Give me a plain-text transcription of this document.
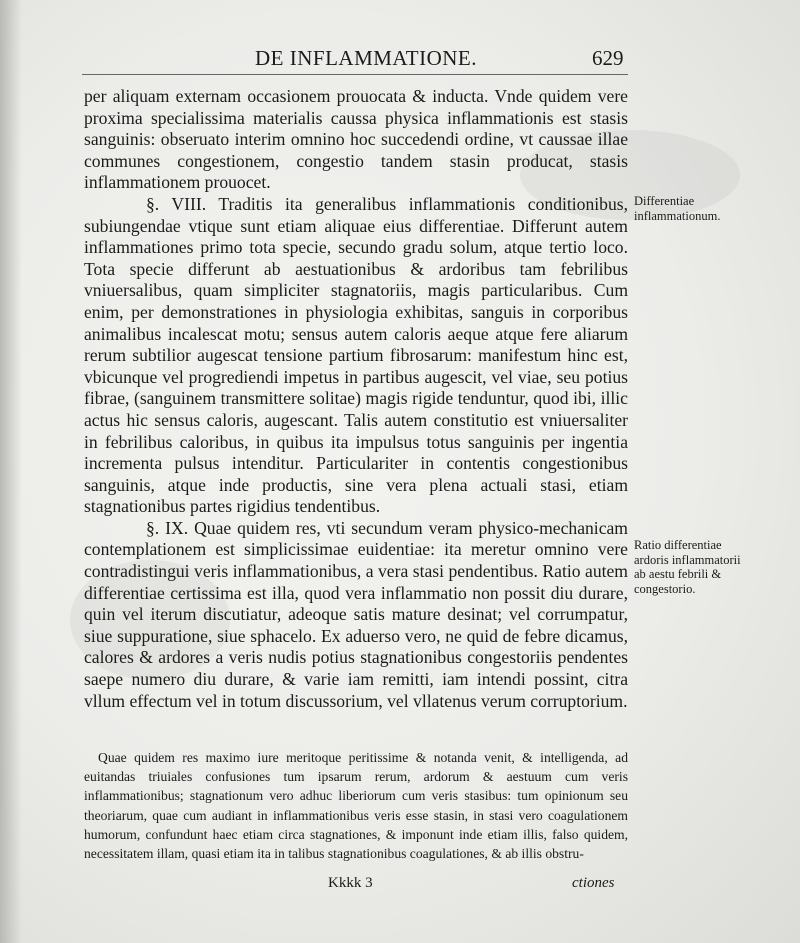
DE INFLAMMATIONE.	629

per aliquam externam occasionem prouocata & inducta. Vnde quidem vere proxima specialissima materialis caussa physica inflammationis est stasis sanguinis: obseruato interim omnino hoc succedendi ordine, vt caussae illae communes congestionem, congestio tandem stasin producat, stasis inflammationem prouocet.

§. VIII. Traditis ita generalibus inflammationis conditionibus, subiungendae vtique sunt etiam aliquae eius differentiae. Differunt autem inflammationes primo tota specie, secundo gradu solum, atque tertio loco. Tota specie differunt ab aestuationibus & ardoribus tam febrilibus vniuersalibus, quam simpliciter stagnatoriis, magis particularibus. Cum enim, per demonstrationes in physiologia exhibitas, sanguis in corporibus animalibus incalescat motu; sensus autem caloris aeque atque fere aliarum rerum subtilior augescat tensione partium fibrosarum: manifestum hinc est, vbicunque vel progrediendi impetus in partibus augescit, vel viae, seu potius fibrae, (sanguinem transmittere solitae) magis rigide tenduntur, quod ibi, illic actus hic sensus caloris, augescant. Talis autem constitutio est vniuersaliter in febrilibus caloribus, in quibus ita impulsus totus sanguinis per ingentia incrementa pulsus intenditur. Particulariter in contentis congestionibus sanguinis, atque inde productis, sine vera plena actuali stasi, etiam stagnationibus partes rigidius tendentibus.

§. IX. Quae quidem res, vti secundum veram physico-mechanicam contemplationem est simplicissimae euidentiae: ita meretur omnino vere contradistingui veris inflammationibus, a vera stasi pendentibus. Ratio autem differentiae certissima est illa, quod vera inflammatio non possit diu durare, quin vel iterum discutiatur, adeoque satis mature desinat; vel corrumpatur, siue suppuratione, siue sphacelo. Ex aduerso vero, ne quid de febre dicamus, calores & ardores a veris nudis potius stagnationibus congestoriis pendentes saepe numero diu durare, & varie iam remitti, iam intendi possint, citra vllum effectum vel in totum discussorium, vel vllatenus verum corruptorium.

Differentiae inflammationum.
Ratio differentiae ardoris inflammatorii ab aestu febrili & congestorio.

Quae quidem res maximo iure meritoque peritissime & notanda venit, & intelligenda, ad euitandas triuiales confusiones tum ipsarum rerum, ardorum & aestuum cum veris inflammationibus; stagnationum vero adhuc liberiorum cum veris stasibus: tum opinionum seu theoriarum, quae cum audiant in inflammationibus veris esse stasin, in stasi vero coagulationem humorum, confundunt haec etiam circa stagnationes, & imponunt inde etiam illis, falso quidem, necessitatem illam, quasi etiam ita in talibus stagnationibus coagulationes, & ab illis obstru-

Kkkk 3	ctiones
